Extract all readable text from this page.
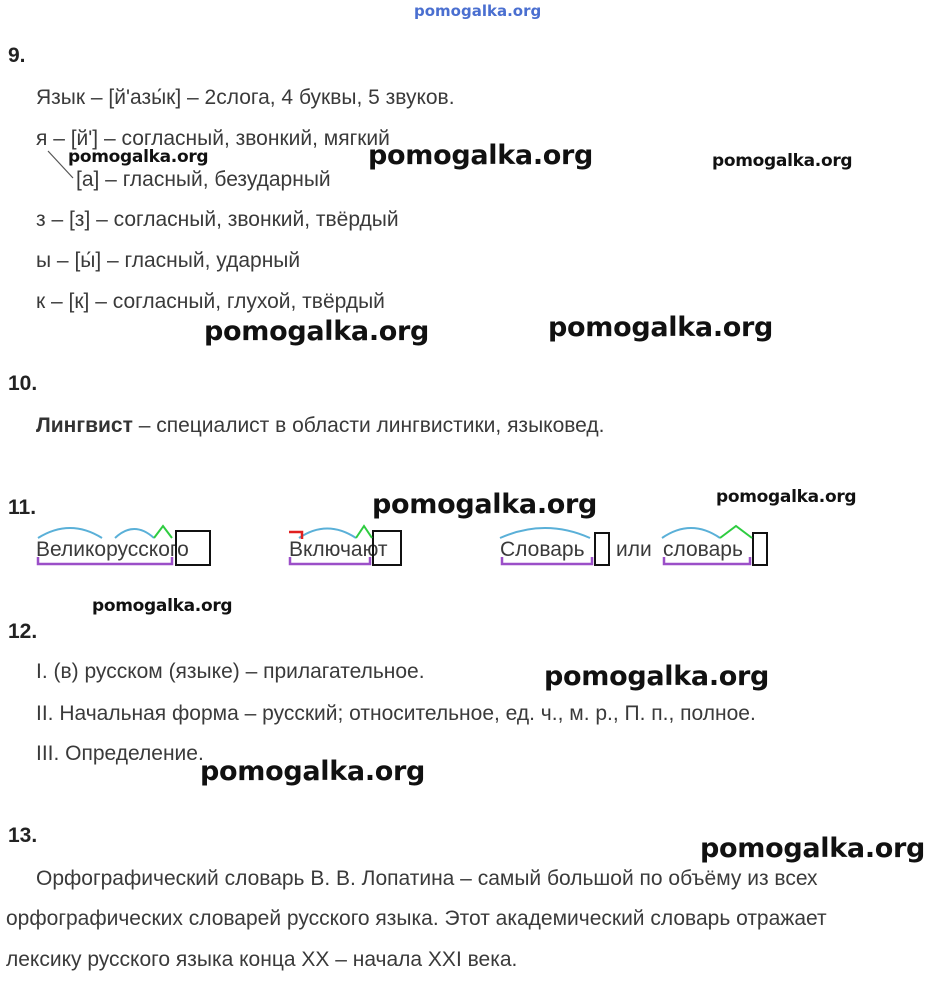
pomogalka.org
9.
Язык – [й'азы́к] – 2слога, 4 буквы, 5 звуков.
я – [й'] – согласный, звонкий, мягкий
[а] – гласный, безударный
з – [з] – согласный, звонкий, твёрдый
ы – [ы́] – гласный, ударный
к – [к] – согласный, глухой, твёрдый
pomogalka.org	pomogalka.org	pomogalka.org
pomogalka.org	pomogalka.org
10.
Лингвист – специалист в области лингвистики, языковед.
11.	pomogalka.org	pomogalka.org
Великорусского	Включают	Словарь или словарь
pomogalka.org
12.
I. (в) русском (языке) – прилагательное.	pomogalka.org
II. Начальная форма – русский; относительное, ед. ч., м. р., П. п., полное.
III. Определение.
pomogalka.org
13.	pomogalka.org
Орфографический словарь В. В. Лопатина – самый большой по объёму из всех
орфографических словарей русского языка. Этот академический словарь отражает
лексику русского языка конца XX – начала XXI века.
